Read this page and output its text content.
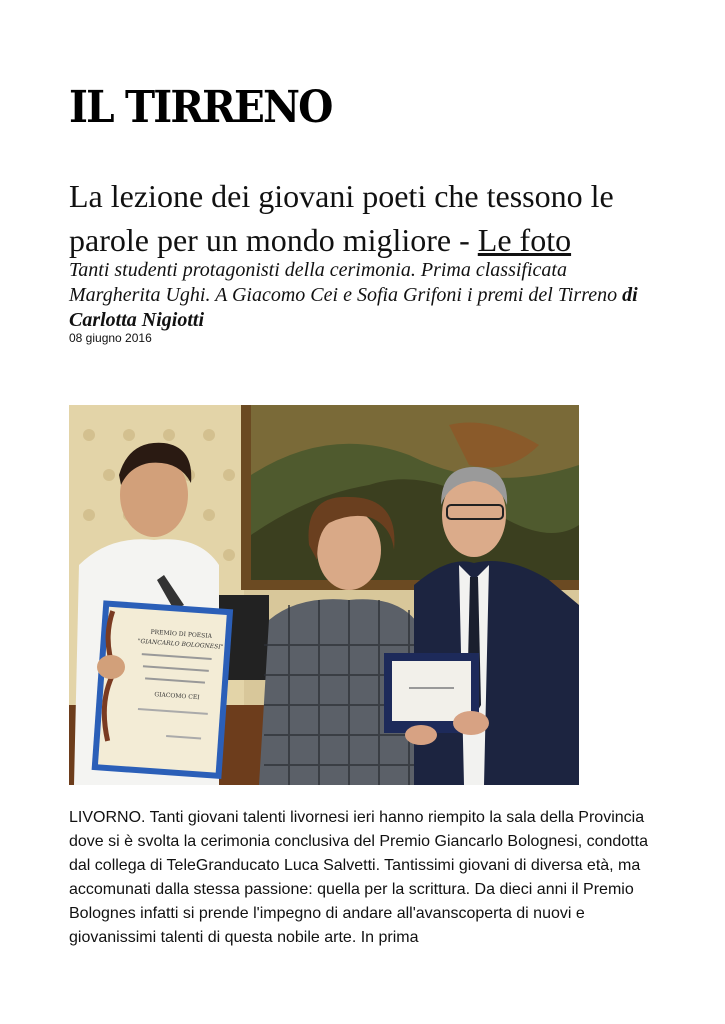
IL TIRRENO
La lezione dei giovani poeti che tessono le parole per un mondo migliore - Le foto
Tanti studenti protagonisti della cerimonia. Prima classificata Margherita Ughi. A Giacomo Cei e Sofia Grifoni i premi del Tirreno di Carlotta Nigiotti
08 giugno 2016
PREMIO DI POESIA
"GIANCARLO BOLOGNESI"
GIACOMO CEI

LIVORNO. Tanti giovani talenti livornesi ieri hanno riempito la sala della Provincia dove si è svolta la cerimonia conclusiva del Premio Giancarlo Bolognesi, condotta dal collega di TeleGranducato Luca Salvetti. Tantissimi giovani di diversa età, ma accomunati dalla stessa passione: quella per la scrittura. Da dieci anni il Premio Bolognes infatti si prende l'impegno di andare all'avanscoperta di nuovi e giovanissimi talenti di questa nobile arte. In prima
